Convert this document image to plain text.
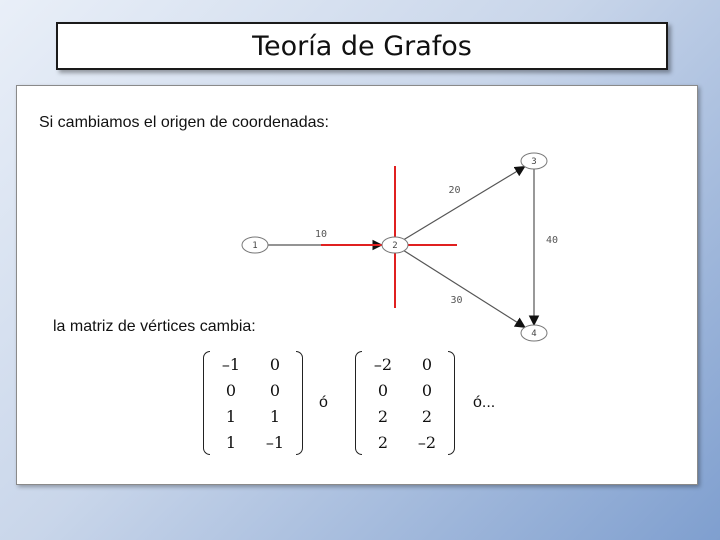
Teoría de Grafos
Si cambiamos el origen de coordenadas:
10
20
30
40
1	2
3
4
la matriz de vértices cambia:
–1 0
0 0
1 1
1 –1
ó
–2 0
0 0
2 2
2 –2
ó...
